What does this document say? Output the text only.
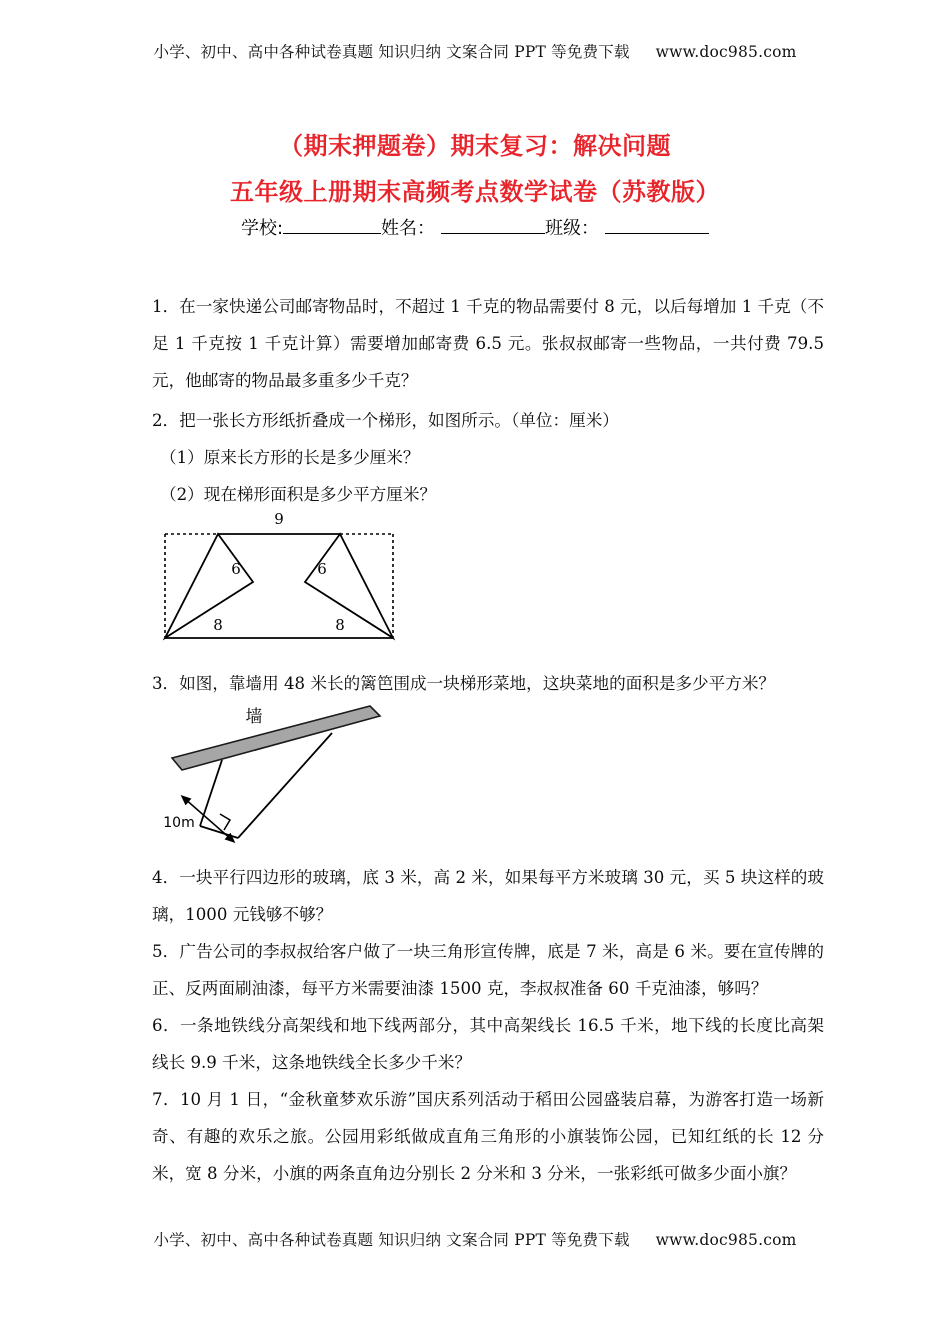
小学、初中、高中各种试卷真题 知识归纳 文案合同 PPT 等免费下载 www.doc985.com
（期末押题卷）期末复习：解决问题
五年级上册期末高频考点数学试卷（苏教版）
学校:	姓名：	班级：
1．在一家快递公司邮寄物品时，不超过 1 千克的物品需要付 8 元，以后每增加 1 千克（不足 1 千克按 1 千克计算）需要增加邮寄费 6.5 元。张叔叔邮寄一些物品，一共付费 79.5 元，他邮寄的物品最多重多少千克？
2．把一张长方形纸折叠成一个梯形，如图所示。（单位：厘米）
（1）原来长方形的长是多少厘米？
（2）现在梯形面积是多少平方厘米？
9
6
8
6
8
3．如图，靠墙用 48 米长的篱笆围成一块梯形菜地，这块菜地的面积是多少平方米？
10m
墙
4．一块平行四边形的玻璃，底 3 米，高 2 米，如果每平方米玻璃 30 元，买 5 块这样的玻璃，1000 元钱够不够？
5．广告公司的李叔叔给客户做了一块三角形宣传牌，底是 7 米，高是 6 米。要在宣传牌的正、反两面刷油漆，每平方米需要油漆 1500 克，李叔叔准备 60 千克油漆，够吗？
6．一条地铁线分高架线和地下线两部分，其中高架线长 16.5 千米，地下线的长度比高架线长 9.9 千米，这条地铁线全长多少千米？
7．10 月 1 日，“金秋童梦欢乐游”国庆系列活动于稻田公园盛装启幕，为游客打造一场新奇、有趣的欢乐之旅。公园用彩纸做成直角三角形的小旗装饰公园，已知红纸的长 12 分米，宽 8 分米，小旗的两条直角边分别长 2 分米和 3 分米，一张彩纸可做多少面小旗？
小学、初中、高中各种试卷真题 知识归纳 文案合同 PPT 等免费下载 www.doc985.com
